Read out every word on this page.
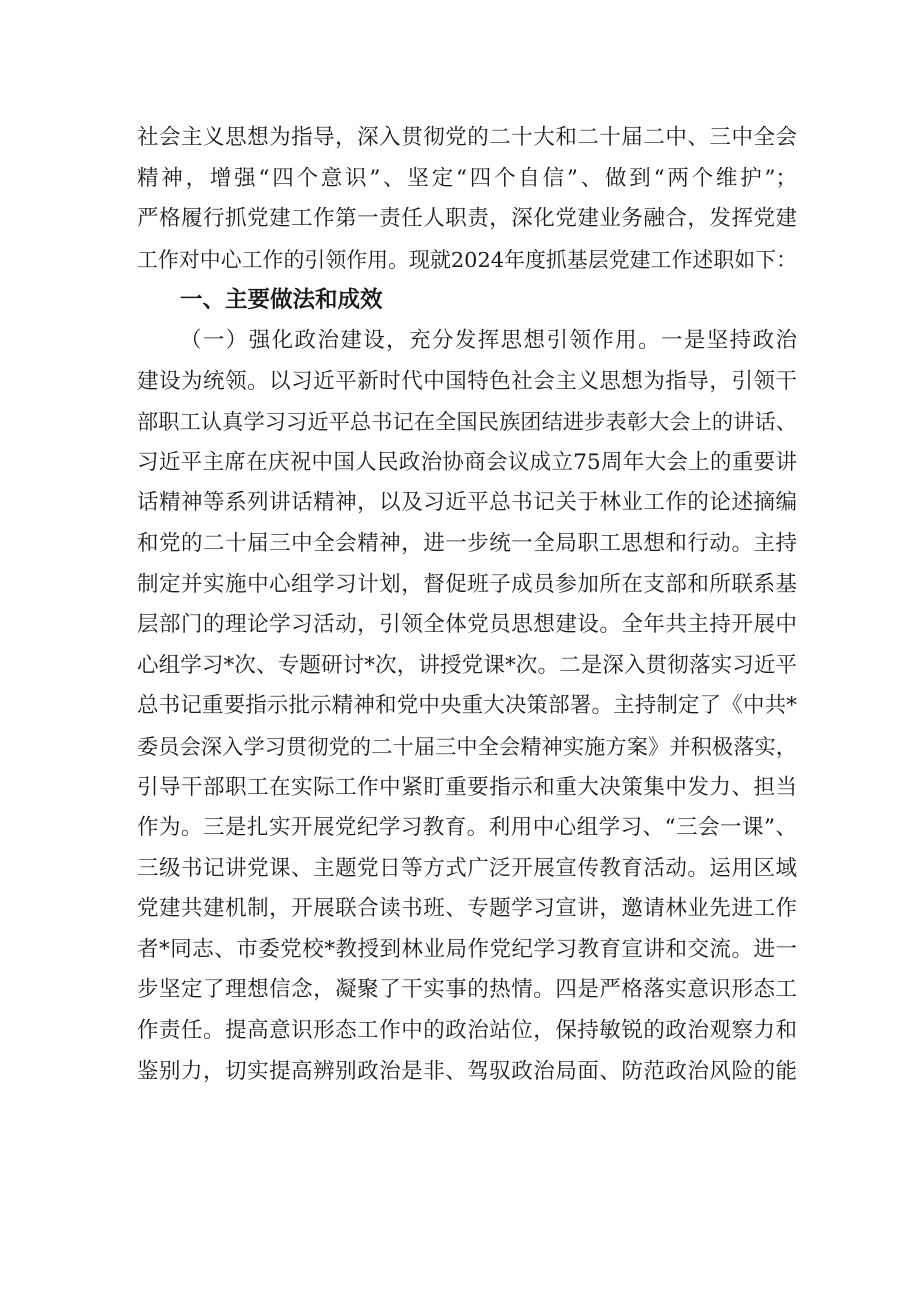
社会主义思想为指导，深入贯彻党的二十大和二十届二中、三中全会
精神，增强“四个意识”、坚定“四个自信”、做到“两个维护”；
严格履行抓党建工作第一责任人职责，深化党建业务融合，发挥党建
工作对中心工作的引领作用。现就2024年度抓基层党建工作述职如下：
一、主要做法和成效
（一）强化政治建设，充分发挥思想引领作用。一是坚持政治
建设为统领。以习近平新时代中国特色社会主义思想为指导，引领干
部职工认真学习习近平总书记在全国民族团结进步表彰大会上的讲话、
习近平主席在庆祝中国人民政治协商会议成立75周年大会上的重要讲
话精神等系列讲话精神，以及习近平总书记关于林业工作的论述摘编
和党的二十届三中全会精神，进一步统一全局职工思想和行动。主持
制定并实施中心组学习计划，督促班子成员参加所在支部和所联系基
层部门的理论学习活动，引领全体党员思想建设。全年共主持开展中
心组学习*次、专题研讨*次，讲授党课*次。二是深入贯彻落实习近平
总书记重要指示批示精神和党中央重大决策部署。主持制定了《中共*
委员会深入学习贯彻党的二十届三中全会精神实施方案》并积极落实，
引导干部职工在实际工作中紧盯重要指示和重大决策集中发力、担当
作为。三是扎实开展党纪学习教育。利用中心组学习、“三会一课”、
三级书记讲党课、主题党日等方式广泛开展宣传教育活动。运用区域
党建共建机制，开展联合读书班、专题学习宣讲，邀请林业先进工作
者*同志、市委党校*教授到林业局作党纪学习教育宣讲和交流。进一
步坚定了理想信念，凝聚了干实事的热情。四是严格落实意识形态工
作责任。提高意识形态工作中的政治站位，保持敏锐的政治观察力和
鉴别力，切实提高辨别政治是非、驾驭政治局面、防范政治风险的能
